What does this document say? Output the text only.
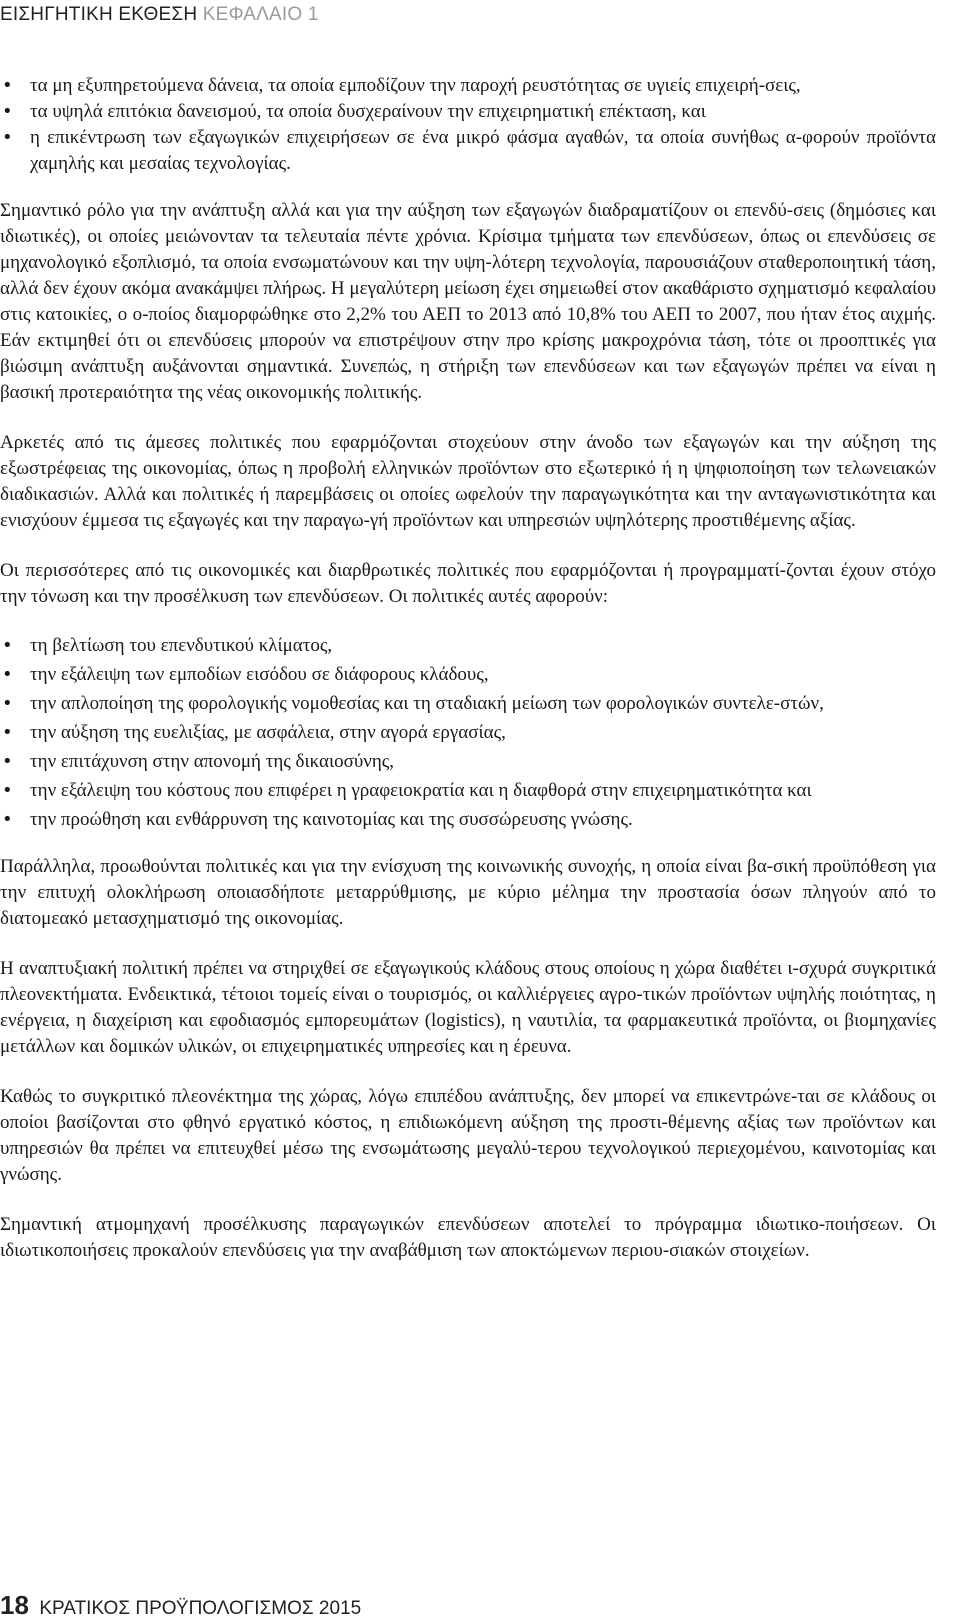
ΕΙΣΗΓΗΤΙΚΗ ΕΚΘΕΣΗ ΚΕΦΑΛΑΙΟ 1
• τα μη εξυπηρετούμενα δάνεια, τα οποία εμποδίζουν την παροχή ρευστότητας σε υγιείς επιχειρή-σεις,
• τα υψηλά επιτόκια δανεισμού, τα οποία δυσχεραίνουν την επιχειρηματική επέκταση, και
• η επικέντρωση των εξαγωγικών επιχειρήσεων σε ένα μικρό φάσμα αγαθών, τα οποία συνήθως α-φορούν προϊόντα χαμηλής και μεσαίας τεχνολογίας.

Σημαντικό ρόλο για την ανάπτυξη αλλά και για την αύξηση των εξαγωγών διαδραματίζουν οι επενδύ-σεις (δημόσιες και ιδιωτικές), οι οποίες μειώνονταν τα τελευταία πέντε χρόνια. Κρίσιμα τμήματα των επενδύσεων, όπως οι επενδύσεις σε μηχανολογικό εξοπλισμό, τα οποία ενσωματώνουν και την υψη-λότερη τεχνολογία, παρουσιάζουν σταθεροποιητική τάση, αλλά δεν έχουν ακόμα ανακάμψει πλήρως. Η μεγαλύτερη μείωση έχει σημειωθεί στον ακαθάριστο σχηματισμό κεφαλαίου στις κατοικίες, ο ο-ποίος διαμορφώθηκε στο 2,2% του ΑΕΠ το 2013 από 10,8% του ΑΕΠ το 2007, που ήταν έτος αιχμής. Εάν εκτιμηθεί ότι οι επενδύσεις μπορούν να επιστρέψουν στην προ κρίσης μακροχρόνια τάση, τότε οι προοπτικές για βιώσιμη ανάπτυξη αυξάνονται σημαντικά. Συνεπώς, η στήριξη των επενδύσεων και των εξαγωγών πρέπει να είναι η βασική προτεραιότητα της νέας οικονομικής πολιτικής.

Αρκετές από τις άμεσες πολιτικές που εφαρμόζονται στοχεύουν στην άνοδο των εξαγωγών και την αύξηση της εξωστρέφειας της οικονομίας, όπως η προβολή ελληνικών προϊόντων στο εξωτερικό ή η ψηφιοποίηση των τελωνειακών διαδικασιών. Αλλά και πολιτικές ή παρεμβάσεις οι οποίες ωφελούν την παραγωγικότητα και την ανταγωνιστικότητα και ενισχύουν έμμεσα τις εξαγωγές και την παραγω-γή προϊόντων και υπηρεσιών υψηλότερης προστιθέμενης αξίας.

Οι περισσότερες από τις οικονομικές και διαρθρωτικές πολιτικές που εφαρμόζονται ή προγραμματί-ζονται έχουν στόχο την τόνωση και την προσέλκυση των επενδύσεων. Οι πολιτικές αυτές αφορούν:

• τη βελτίωση του επενδυτικού κλίματος,
• την εξάλειψη των εμποδίων εισόδου σε διάφορους κλάδους,
• την απλοποίηση της φορολογικής νομοθεσίας και τη σταδιακή μείωση των φορολογικών συντελε-στών,
• την αύξηση της ευελιξίας, με ασφάλεια, στην αγορά εργασίας,
• την επιτάχυνση στην απονομή της δικαιοσύνης,
• την εξάλειψη του κόστους που επιφέρει η γραφειοκρατία και η διαφθορά στην επιχειρηματικότητα και
• την προώθηση και ενθάρρυνση της καινοτομίας και της συσσώρευσης γνώσης.

Παράλληλα, προωθούνται πολιτικές και για την ενίσχυση της κοινωνικής συνοχής, η οποία είναι βα-σική προϋπόθεση για την επιτυχή ολοκλήρωση οποιασδήποτε μεταρρύθμισης, με κύριο μέλημα την προστασία όσων πληγούν από το διατομεακό μετασχηματισμό της οικονομίας.

Η αναπτυξιακή πολιτική πρέπει να στηριχθεί σε εξαγωγικούς κλάδους στους οποίους η χώρα διαθέτει ι-σχυρά συγκριτικά πλεονεκτήματα. Ενδεικτικά, τέτοιοι τομείς είναι ο τουρισμός, οι καλλιέργειες αγρο-τικών προϊόντων υψηλής ποιότητας, η ενέργεια, η διαχείριση και εφοδιασμός εμπορευμάτων (logistics), η ναυτιλία, τα φαρμακευτικά προϊόντα, οι βιομηχανίες μετάλλων και δομικών υλικών, οι επιχειρηματικές υπηρεσίες και η έρευνα.

Καθώς το συγκριτικό πλεονέκτημα της χώρας, λόγω επιπέδου ανάπτυξης, δεν μπορεί να επικεντρώνε-ται σε κλάδους οι οποίοι βασίζονται στο φθηνό εργατικό κόστος, η επιδιωκόμενη αύξηση της προστι-θέμενης αξίας των προϊόντων και υπηρεσιών θα πρέπει να επιτευχθεί μέσω της ενσωμάτωσης μεγαλύ-τερου τεχνολογικού περιεχομένου, καινοτομίας και γνώσης.

Σημαντική ατμομηχανή προσέλκυσης παραγωγικών επενδύσεων αποτελεί το πρόγραμμα ιδιωτικο-ποιήσεων. Οι ιδιωτικοποιήσεις προκαλούν επενδύσεις για την αναβάθμιση των αποκτώμενων περιου-σιακών στοιχείων.

18 ΚΡΑΤΙΚΟΣ ΠΡΟΫΠΟΛΟΓΙΣΜΟΣ 2015
